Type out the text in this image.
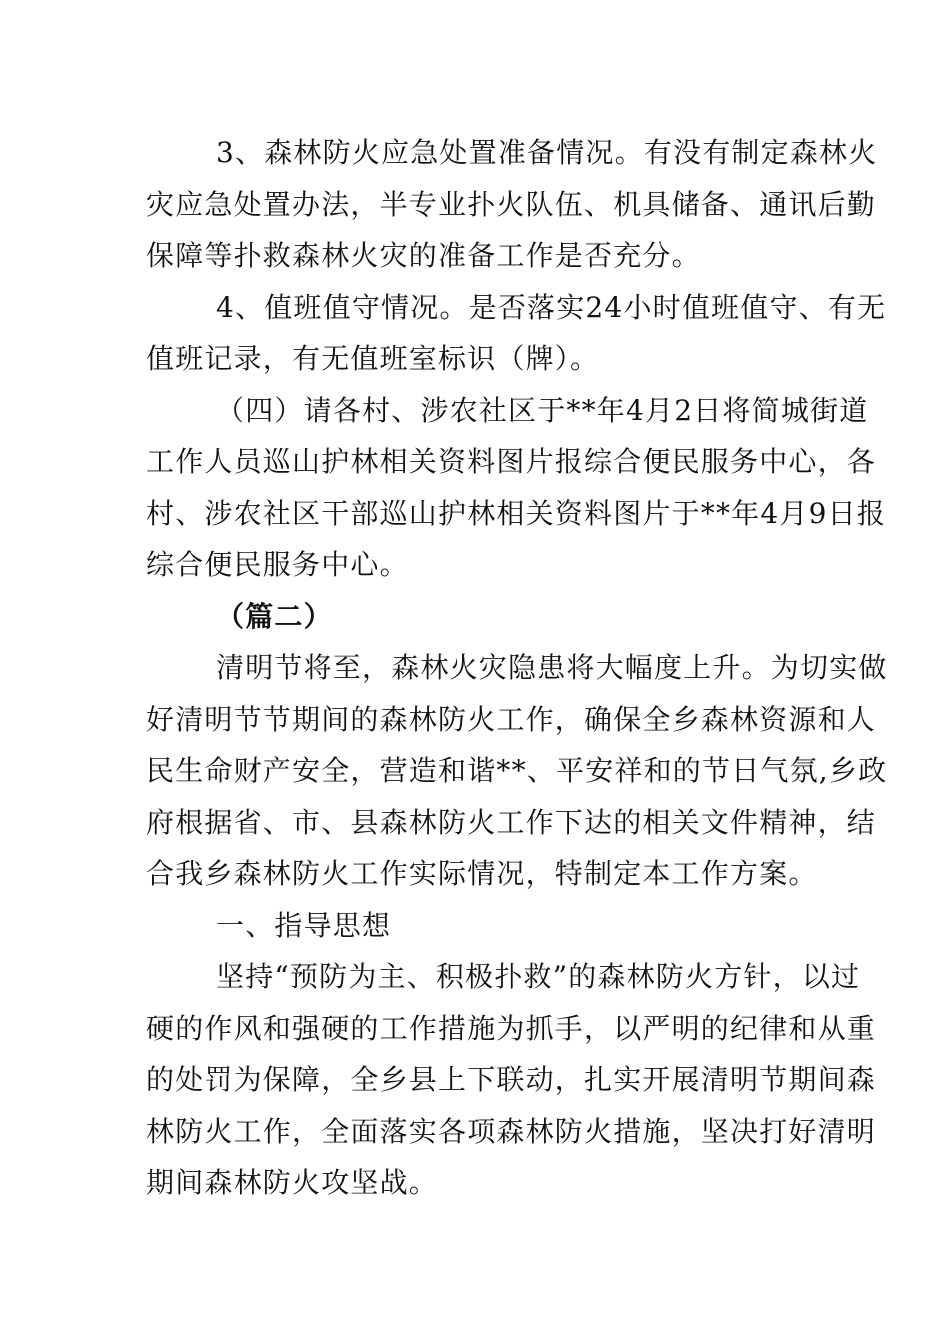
3、森林防火应急处置准备情况。有没有制定森林火
灾应急处置办法，半专业扑火队伍、机具储备、通讯后勤
保障等扑救森林火灾的准备工作是否充分。
4、值班值守情况。是否落实24小时值班值守、有无
值班记录，有无值班室标识（牌）。
（四）请各村、涉农社区于**年4月2日将简城街道
工作人员巡山护林相关资料图片报综合便民服务中心，各
村、涉农社区干部巡山护林相关资料图片于**年4月9日报
综合便民服务中心。
（篇二）
清明节将至，森林火灾隐患将大幅度上升。为切实做
好清明节节期间的森林防火工作，确保全乡森林资源和人
民生命财产安全，营造和谐**、平安祥和的节日气氛,乡政
府根据省、市、县森林防火工作下达的相关文件精神，结
合我乡森林防火工作实际情况，特制定本工作方案。
一、指导思想
坚持“预防为主、积极扑救”的森林防火方针，以过
硬的作风和强硬的工作措施为抓手，以严明的纪律和从重
的处罚为保障，全乡县上下联动，扎实开展清明节期间森
林防火工作，全面落实各项森林防火措施，坚决打好清明
期间森林防火攻坚战。
